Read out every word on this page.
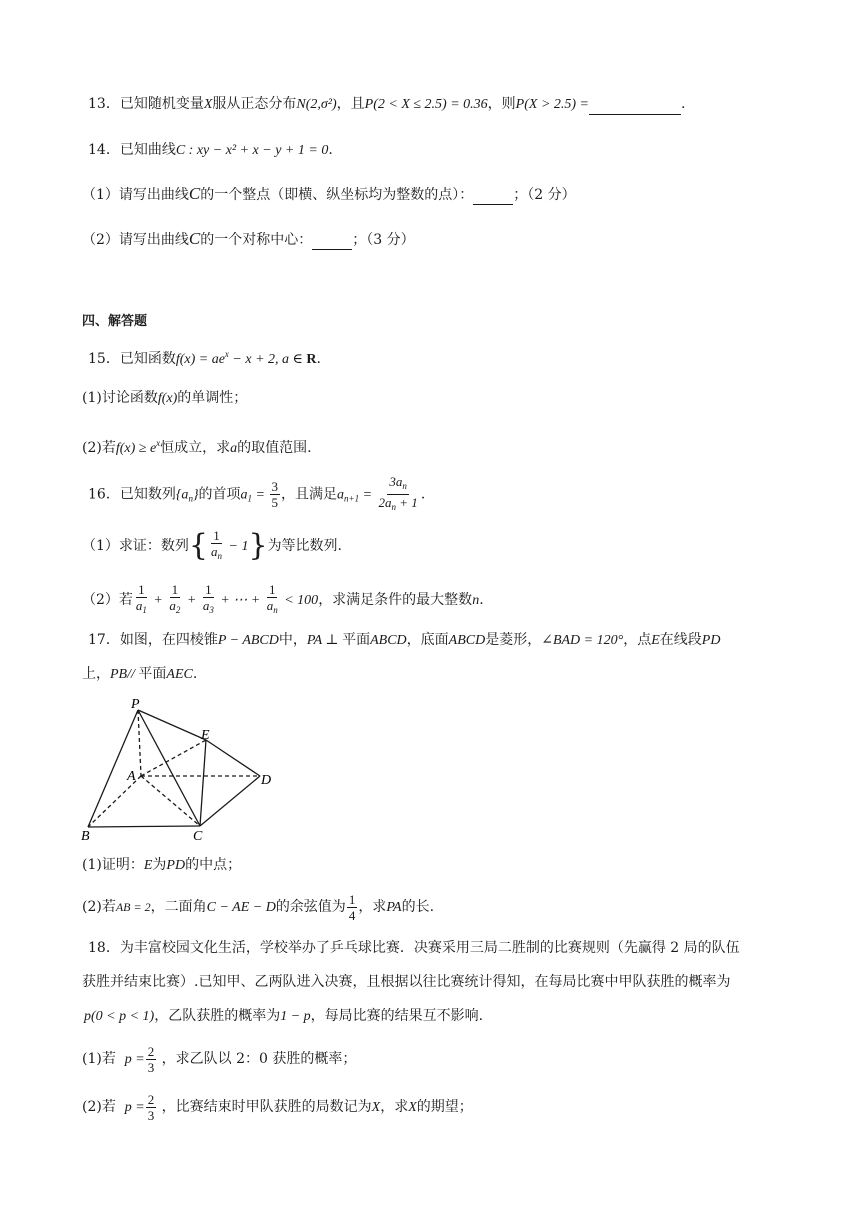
13．已知随机变量X服从正态分布N(2,σ²)，且P(2 < X ≤ 2.5) = 0.36，则P(X > 2.5) =	.
14．已知曲线C : xy − x² + x − y + 1 = 0.
（1）请写出曲线C的一个整点（即横、纵坐标均为整数的点）：	；（2 分）
（2）请写出曲线C的一个对称中心：	；（3 分）
四、解答题
15．已知函数$f(x) = ae^x - x + 2$, a ∈ R.
(1)讨论函数f(x)的单调性；
(2)若$f(x) \ge e^x$恒成立，求a的取值范围.
16．已知数列$\{a_n\}$的首项$a_1 = \frac{3}{5}$ ，且满足$a_{n+1} = \frac{3a_n}{2a_n + 1}$ .
（1）求证：数列{ $\frac{1}{a_n} - 1$}为等比数列.
（2）若 $\frac{1}{a_1} + \frac{1}{a_2} + \frac{1}{a_3}$ + ⋯ + $\frac{1}{a_n} < 100$，求满足条件的最大整数n.
17．如图，在四棱锥P − ABCD中，PA ⊥ 平面ABCD，底面ABCD是菱形，∠BAD = 120°，点E在线段PD
上，PB// 平面AEC.
P
E
A	D
B	C
(1)证明：E为PD的中点；
(2)若AB = 2，二面角C − AE − D的余弦值为 $\frac{1}{4}$ ，求PA的长.
18．为丰富校园文化生活，学校举办了乒乓球比赛．决赛采用三局二胜制的比赛规则（先赢得 2 局的队伍
获胜并结束比赛）.已知甲、乙两队进入决赛，且根据以往比赛统计得知，在每局比赛中甲队获胜的概率为
p(0 < p < 1)，乙队获胜的概率为1 − p，每局比赛的结果互不影响.
(1)若 $p = \frac{2}{3}$ ，求乙队以 2：0 获胜的概率；
(2)若 $p = \frac{2}{3}$ ，比赛结束时甲队获胜的局数记为X，求X的期望；
